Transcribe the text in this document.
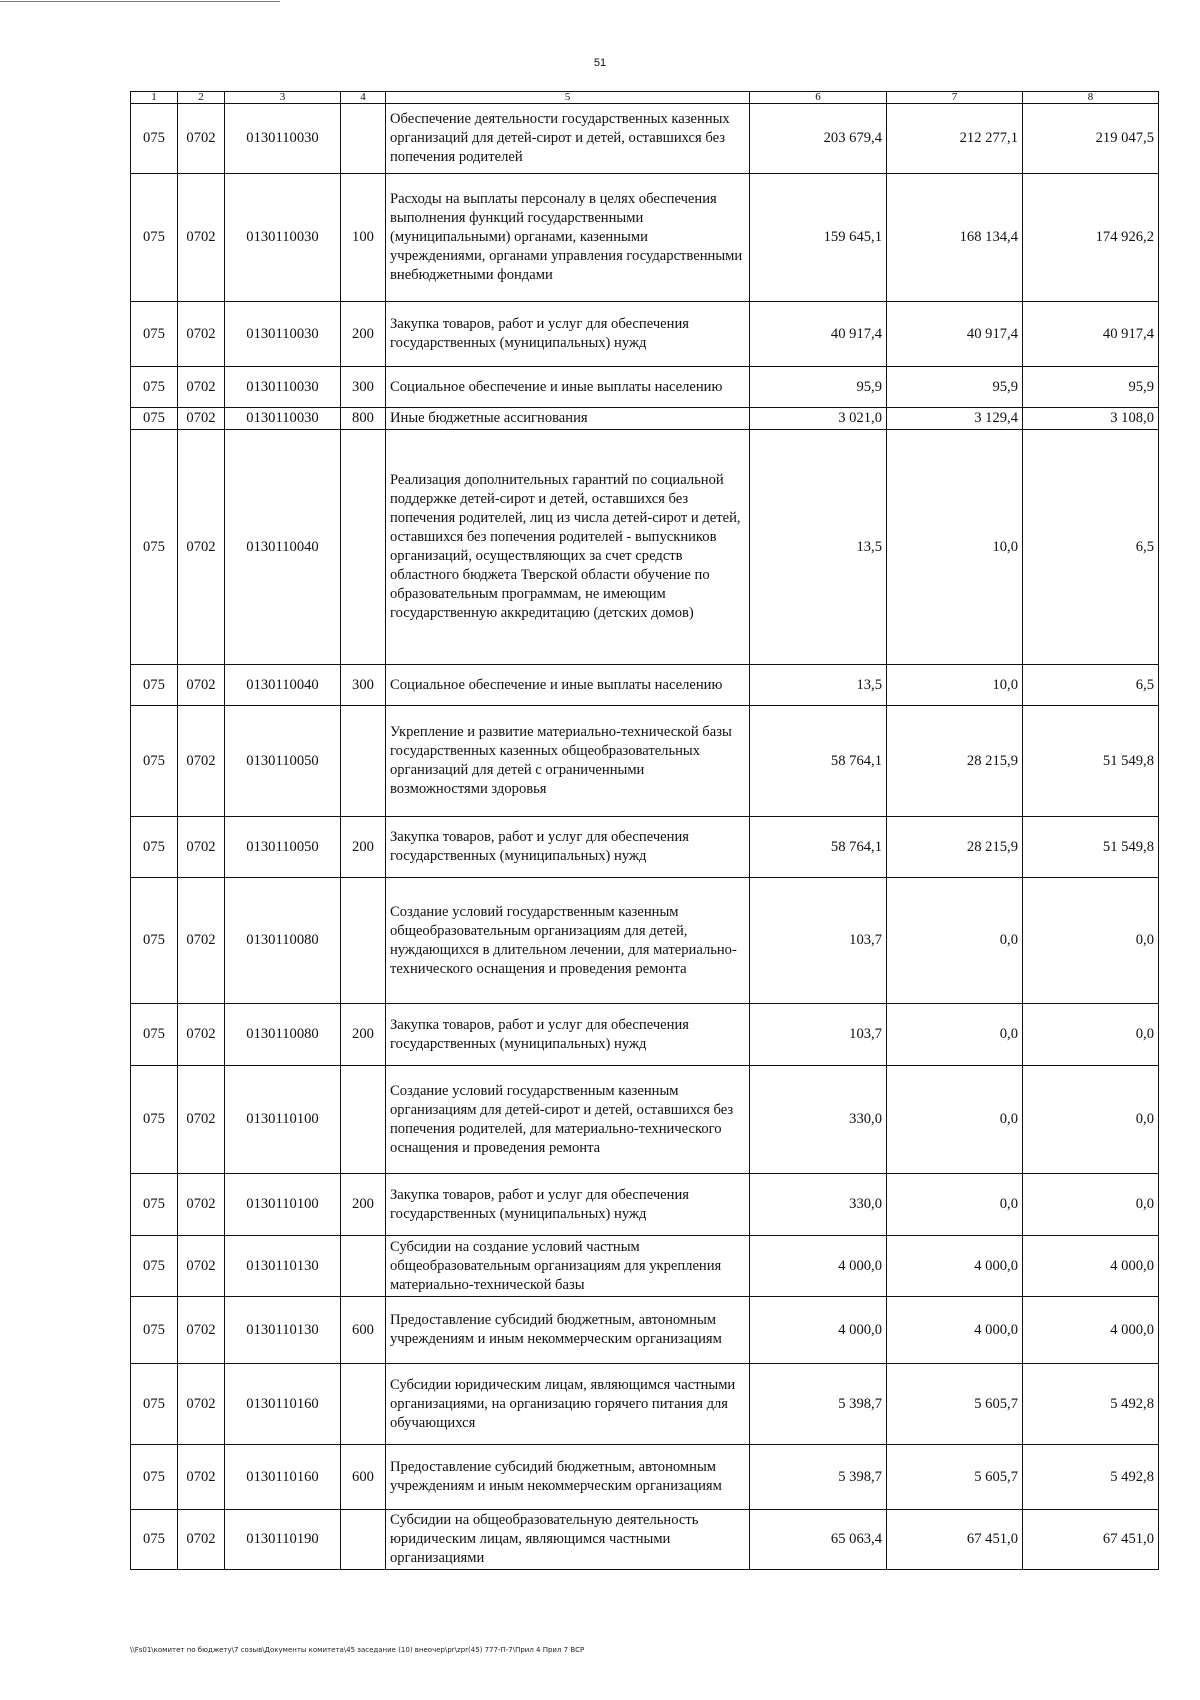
51
1	2	3	4	5	6	7	8
075	0702	0130110030		Обеспечение деятельности государственных казенных организаций для детей-сирот и детей, оставшихся без попечения родителей	203 679,4	212 277,1	219 047,5
075	0702	0130110030	100	Расходы на выплаты персоналу в целях обеспечения выполнения функций государственными (муниципальными) органами, казенными учреждениями, органами управления государственными внебюджетными фондами	159 645,1	168 134,4	174 926,2
075	0702	0130110030	200	Закупка товаров, работ и услуг для обеспечения государственных (муниципальных) нужд	40 917,4	40 917,4	40 917,4
075	0702	0130110030	300	Социальное обеспечение и иные выплаты населению	95,9	95,9	95,9
075	0702	0130110030	800	Иные бюджетные ассигнования	3 021,0	3 129,4	3 108,0
075	0702	0130110040		Реализация дополнительных гарантий по социальной поддержке детей-сирот и детей, оставшихся без попечения родителей, лиц из числа детей-сирот и детей, оставшихся без попечения родителей - выпускников организаций, осуществляющих за счет средств областного бюджета Тверской области обучение по образовательным программам, не имеющим государственную аккредитацию (детских домов)	13,5	10,0	6,5
075	0702	0130110040	300	Социальное обеспечение и иные выплаты населению	13,5	10,0	6,5
075	0702	0130110050		Укрепление и развитие материально-технической базы государственных казенных общеобразовательных организаций для детей с ограниченными возможностями здоровья	58 764,1	28 215,9	51 549,8
075	0702	0130110050	200	Закупка товаров, работ и услуг для обеспечения государственных (муниципальных) нужд	58 764,1	28 215,9	51 549,8
075	0702	0130110080		Создание условий государственным казенным общеобразовательным организациям для детей, нуждающихся в длительном лечении, для материально-технического оснащения и проведения ремонта	103,7	0,0	0,0
075	0702	0130110080	200	Закупка товаров, работ и услуг для обеспечения государственных (муниципальных) нужд	103,7	0,0	0,0
075	0702	0130110100		Создание условий государственным казенным организациям для детей-сирот и детей, оставшихся без попечения родителей, для материально-технического оснащения и проведения ремонта	330,0	0,0	0,0
075	0702	0130110100	200	Закупка товаров, работ и услуг для обеспечения государственных (муниципальных) нужд	330,0	0,0	0,0
075	0702	0130110130		Субсидии на создание условий частным общеобразовательным организациям для укрепления материально-технической базы	4 000,0	4 000,0	4 000,0
075	0702	0130110130	600	Предоставление субсидий бюджетным, автономным учреждениям и иным некоммерческим организациям	4 000,0	4 000,0	4 000,0
075	0702	0130110160		Субсидии юридическим лицам, являющимся частными организациями, на организацию горячего питания для обучающихся	5 398,7	5 605,7	5 492,8
075	0702	0130110160	600	Предоставление субсидий бюджетным, автономным учреждениям и иным некоммерческим организациям	5 398,7	5 605,7	5 492,8
075	0702	0130110190		Субсидии на общеобразовательную деятельность юридическим лицам, являющимся частными организациями	65 063,4	67 451,0	67 451,0
\\Fs01\комитет по бюджету\7 созыв\Документы комитета\45 заседание (10) внеочер\pr\zpr(45) 777-П-7\Прил 4 Прил 7 ВСР
